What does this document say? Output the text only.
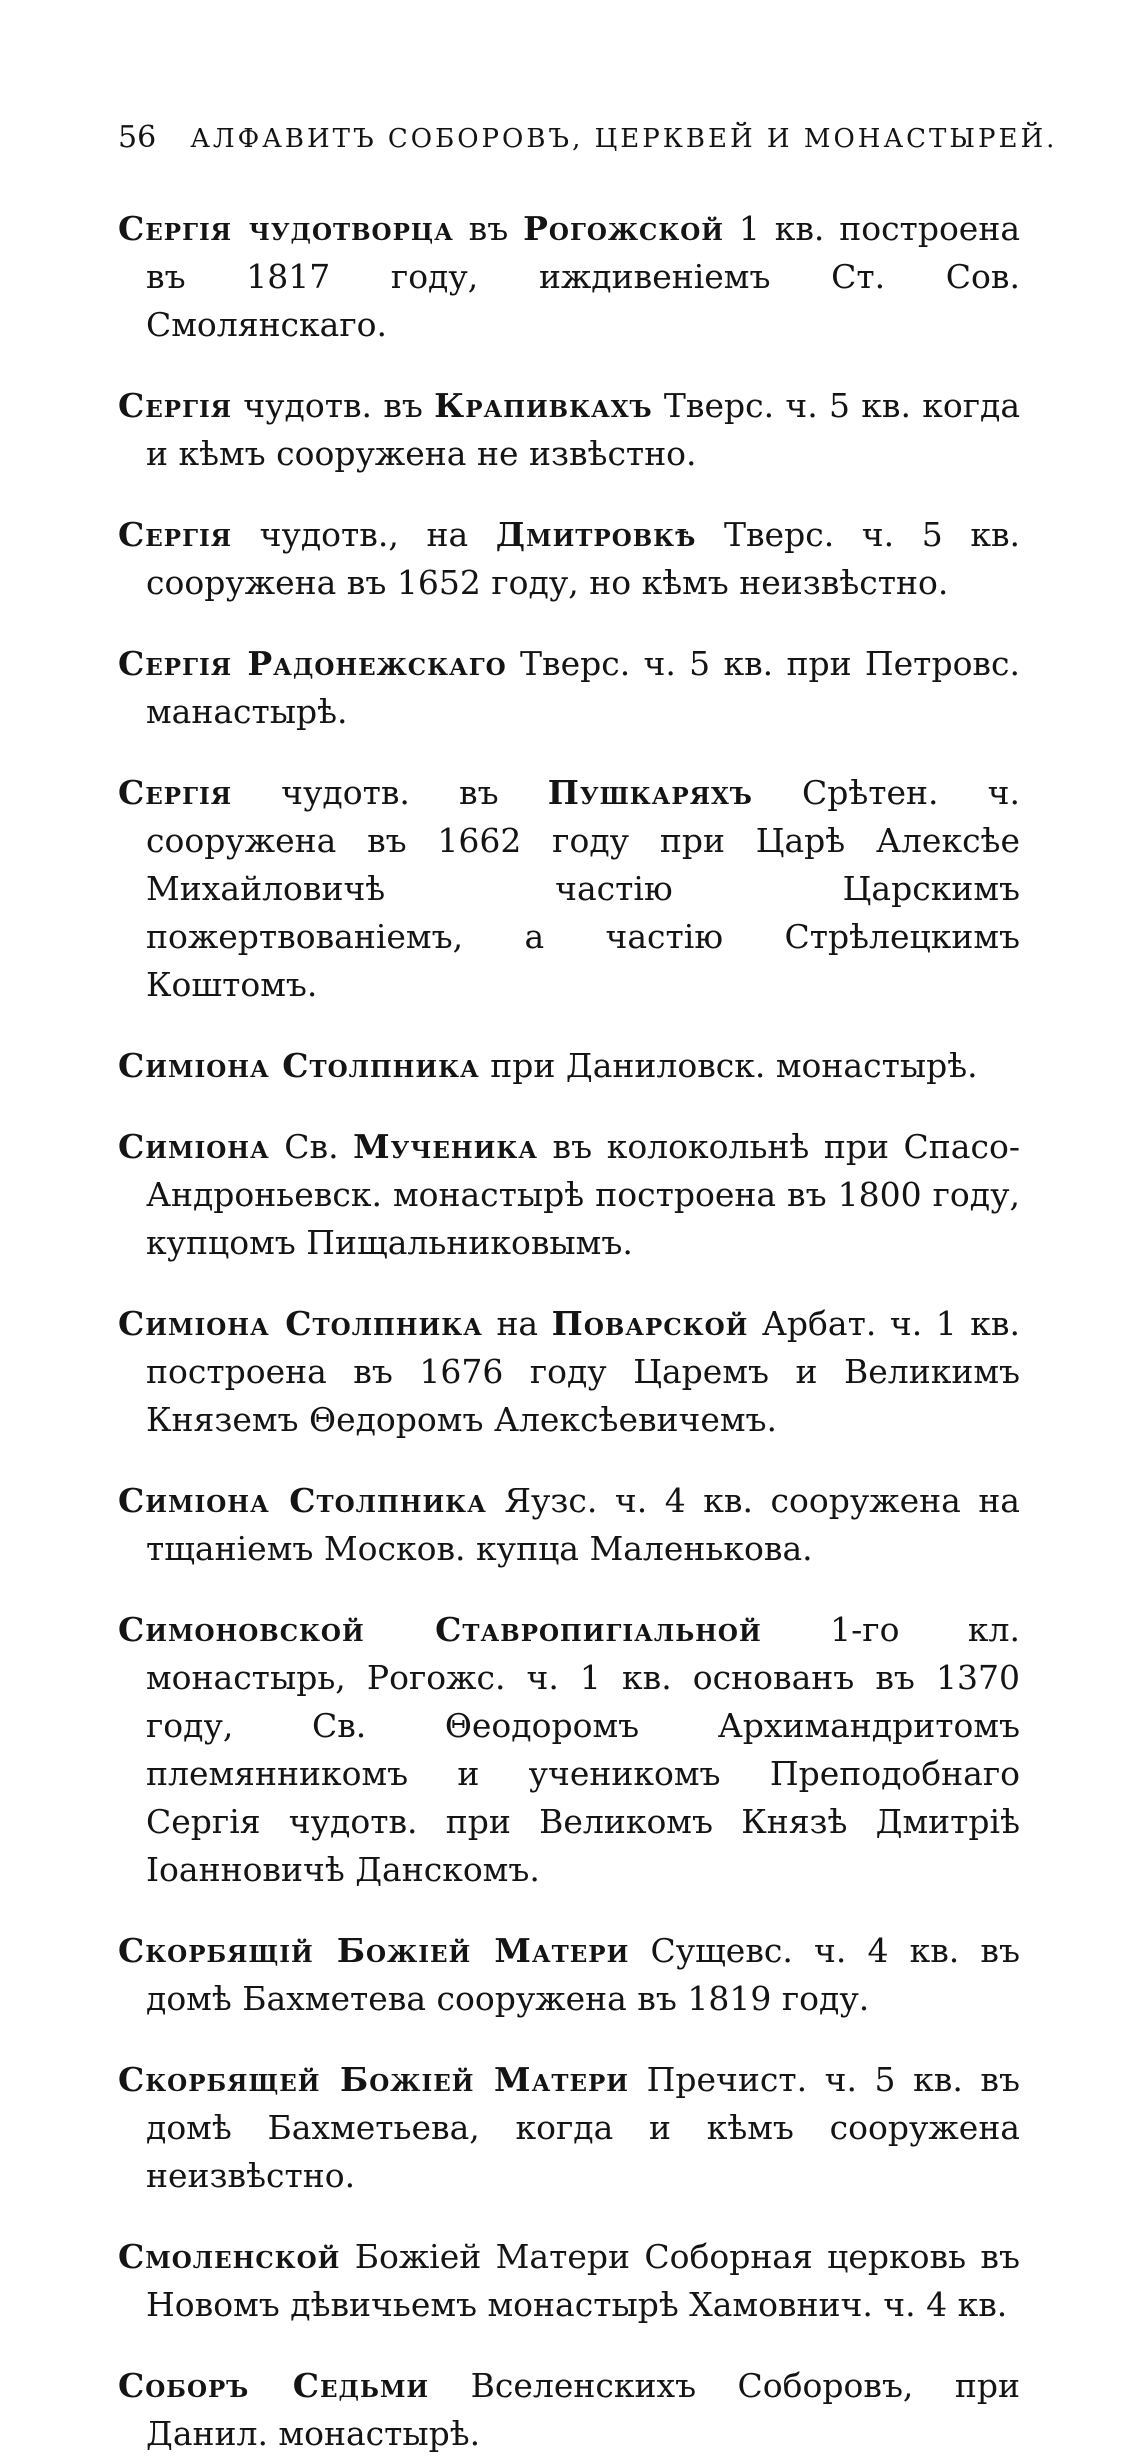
56 АЛФАВИТЪ СОБОРОВЪ, ЦЕРКВЕЙ И МОНАСТЫРЕЙ.

Сергія чудотворца въ Рогожской 1 кв. построена въ 1817 году, иждивеніемъ Ст. Сов. Смолянскаго.

Сергія чудотв. въ Крапивкахъ Тверс. ч. 5 кв. когда и кѣмъ сооружена не извѣстно.

Сергія чудотв., на Дмитровкѣ Тверс. ч. 5 кв. сооружена въ 1652 году, но кѣмъ неизвѣстно.

Сергія Радонежскаго Тверс. ч. 5 кв. при Петровс. манастырѣ.

Сергія чудотв. въ Пушкаряхъ Срѣтен. ч. сооружена въ 1662 году при Царѣ Алексѣе Михайловичѣ частію Царскимъ пожертвованіемъ, а частію Стрѣлецкимъ Коштомъ.

Симіона Столпника при Даниловск. монастырѣ.

Симіона Св. Мученика въ колокольнѣ при Спасо-Андроньевск. монастырѣ построена въ 1800 году, купцомъ Пищальниковымъ.

Симіона Столпника на Поварской Арбат. ч. 1 кв. построена въ 1676 году Царемъ и Великимъ Княземъ Θедоромъ Алексѣевичемъ.

Симіона Столпника Яузс. ч. 4 кв. сооружена на тщаніемъ Москов. купца Маленькова.

Симоновской Ставропигіальной 1-го кл. монастырь, Рогожс. ч. 1 кв. основанъ въ 1370 году, Св. Θеодоромъ Архимандритомъ племянникомъ и ученикомъ Преподобнаго Сергія чудотв. при Великомъ Князѣ Дмитріѣ Іоанновичѣ Данскомъ.

Скорбящій Божіей Матери Сущевс. ч. 4 кв. въ домѣ Бахметева сооружена въ 1819 году.

Скорбящей Божіей Матери Пречист. ч. 5 кв. въ домѣ Бахметьева, когда и кѣмъ сооружена неизвѣстно.

Смоленской Божіей Матери Соборная церковь въ Новомъ дѣвичьемъ монастырѣ Хамовнич. ч. 4 кв.

Соборъ Седьми Вселенскихъ Соборовъ, при Данил. монастырѣ.
